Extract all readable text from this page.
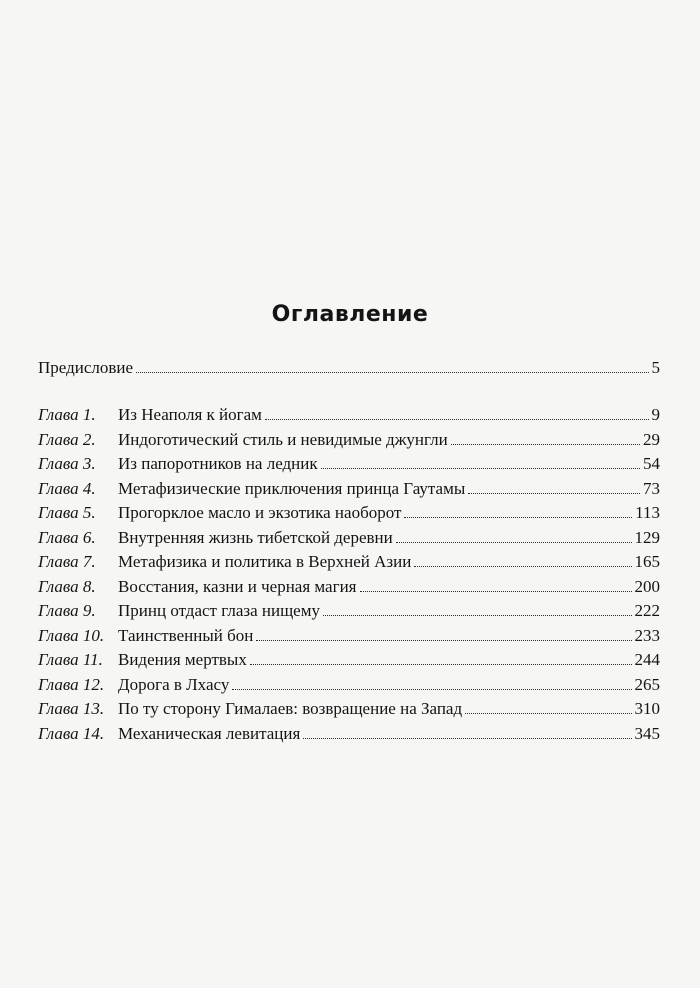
Оглавление
Предисловие	5
Глава 1.	Из Неаполя к йогам	9
Глава 2.	Индоготический стиль и невидимые джунгли	29
Глава 3.	Из папоротников на ледник	54
Глава 4.	Метафизические приключения принца Гаутамы	73
Глава 5.	Прогорклое масло и экзотика наоборот	113
Глава 6.	Внутренняя жизнь тибетской деревни	129
Глава 7.	Метафизика и политика в Верхней Азии	165
Глава 8.	Восстания, казни и черная магия	200
Глава 9.	Принц отдаст глаза нищему	222
Глава 10. Таинственный бон	233
Глава 11. Видения мертвых	244
Глава 12. Дорога в Лхасу	265
Глава 13. По ту сторону Гималаев: возвращение на Запад	310
Глава 14. Механическая левитация	345
